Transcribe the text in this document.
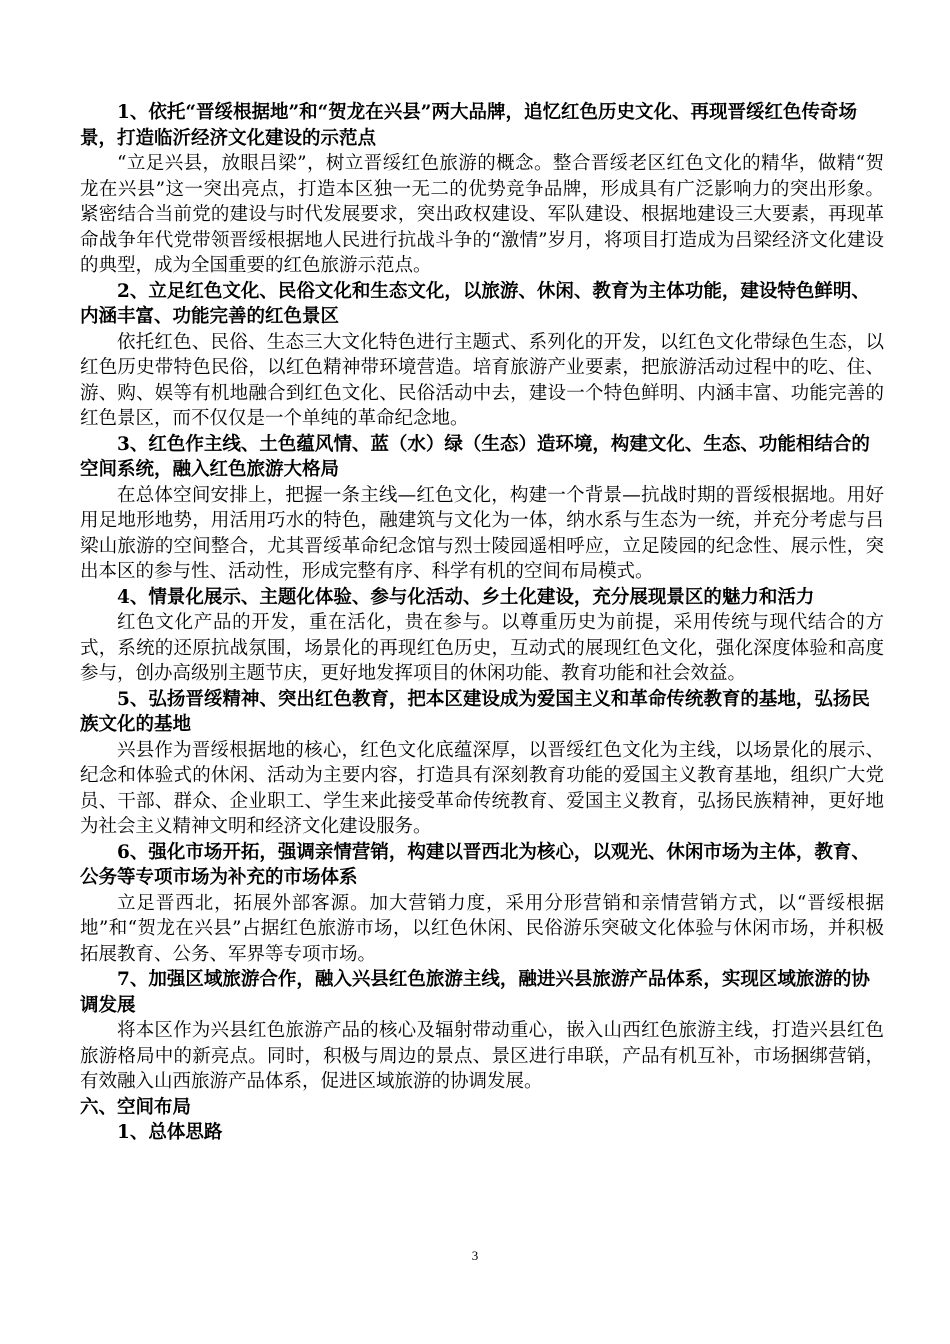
1、依托“晋绥根据地”和“贺龙在兴县”两大品牌，追忆红色历史文化、再现晋绥红色传奇场景，打造临沂经济文化建设的示范点

“立足兴县，放眼吕梁”，树立晋绥红色旅游的概念。整合晋绥老区红色文化的精华，做精“贺龙在兴县”这一突出亮点，打造本区独一无二的优势竞争品牌，形成具有广泛影响力的突出形象。紧密结合当前党的建设与时代发展要求，突出政权建设、军队建设、根据地建设三大要素，再现革命战争年代党带领晋绥根据地人民进行抗战斗争的“激情”岁月，将项目打造成为吕梁经济文化建设的典型，成为全国重要的红色旅游示范点。

2、立足红色文化、民俗文化和生态文化，以旅游、休闲、教育为主体功能，建设特色鲜明、内涵丰富、功能完善的红色景区

依托红色、民俗、生态三大文化特色进行主题式、系列化的开发，以红色文化带绿色生态，以红色历史带特色民俗，以红色精神带环境营造。培育旅游产业要素，把旅游活动过程中的吃、住、游、购、娱等有机地融合到红色文化、民俗活动中去，建设一个特色鲜明、内涵丰富、功能完善的红色景区，而不仅仅是一个单纯的革命纪念地。

3、红色作主线、土色蕴风情、蓝（水）绿（生态）造环境，构建文化、生态、功能相结合的空间系统，融入红色旅游大格局

在总体空间安排上，把握一条主线—红色文化，构建一个背景—抗战时期的晋绥根据地。用好用足地形地势，用活用巧水的特色，融建筑与文化为一体，纳水系与生态为一统，并充分考虑与吕梁山旅游的空间整合，尤其晋绥革命纪念馆与烈士陵园遥相呼应，立足陵园的纪念性、展示性，突出本区的参与性、活动性，形成完整有序、科学有机的空间布局模式。

4、情景化展示、主题化体验、参与化活动、乡土化建设，充分展现景区的魅力和活力

红色文化产品的开发，重在活化，贵在参与。以尊重历史为前提，采用传统与现代结合的方式，系统的还原抗战氛围，场景化的再现红色历史，互动式的展现红色文化，强化深度体验和高度参与，创办高级别主题节庆，更好地发挥项目的休闲功能、教育功能和社会效益。

5、弘扬晋绥精神、突出红色教育，把本区建设成为爱国主义和革命传统教育的基地，弘扬民族文化的基地

兴县作为晋绥根据地的核心，红色文化底蕴深厚，以晋绥红色文化为主线，以场景化的展示、纪念和体验式的休闲、活动为主要内容，打造具有深刻教育功能的爱国主义教育基地，组织广大党员、干部、群众、企业职工、学生来此接受革命传统教育、爱国主义教育，弘扬民族精神，更好地为社会主义精神文明和经济文化建设服务。

6、强化市场开拓，强调亲情营销，构建以晋西北为核心，以观光、休闲市场为主体，教育、公务等专项市场为补充的市场体系

立足晋西北，拓展外部客源。加大营销力度，采用分形营销和亲情营销方式，以“晋绥根据地”和“贺龙在兴县”占据红色旅游市场，以红色休闲、民俗游乐突破文化体验与休闲市场，并积极拓展教育、公务、军界等专项市场。

7、加强区域旅游合作，融入兴县红色旅游主线，融进兴县旅游产品体系，实现区域旅游的协调发展

将本区作为兴县红色旅游产品的核心及辐射带动重心，嵌入山西红色旅游主线，打造兴县红色旅游格局中的新亮点。同时，积极与周边的景点、景区进行串联，产品有机互补，市场捆绑营销，有效融入山西旅游产品体系，促进区域旅游的协调发展。

六、空间布局

1、总体思路

3
